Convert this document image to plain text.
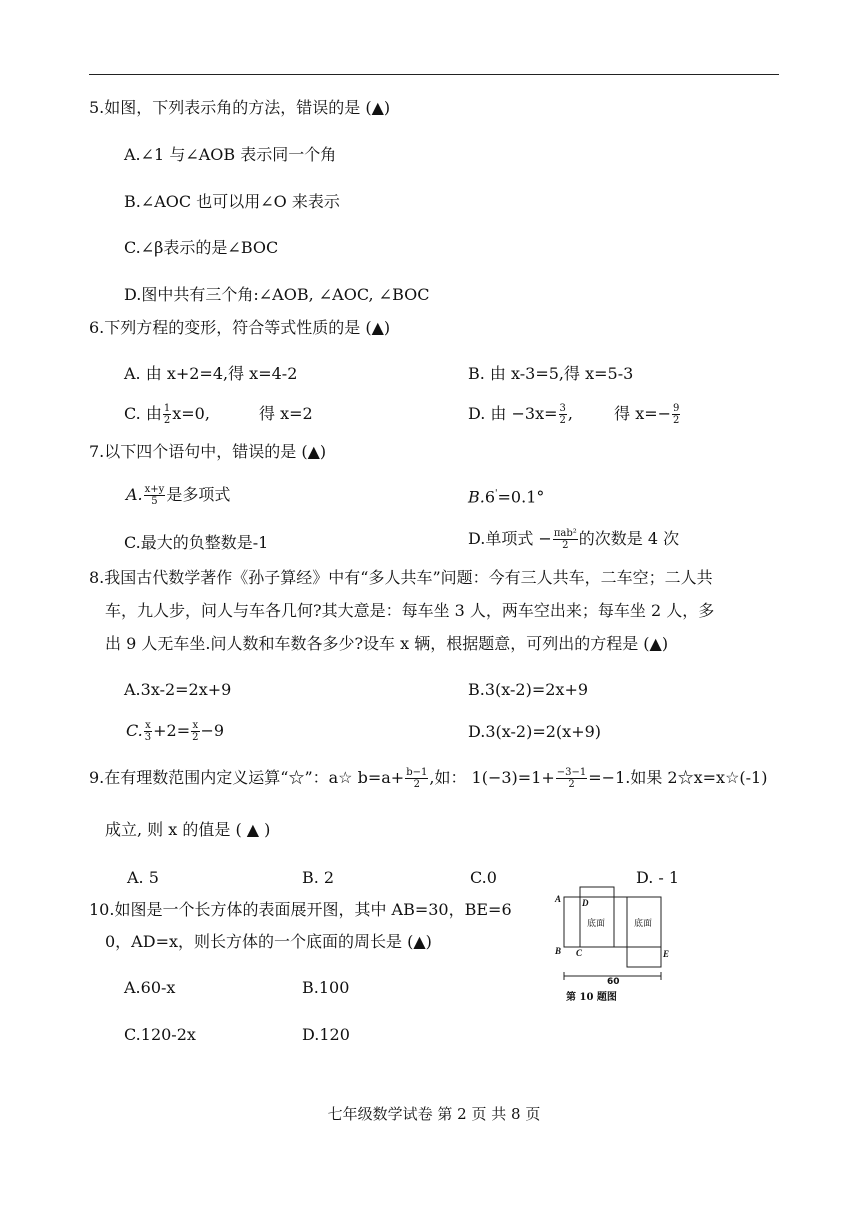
5.如图，下列表示角的方法，错误的是 (▲)
A.∠1 与∠AOB 表示同一个角
B.∠AOC 也可以用∠O 来表示
C.∠β表示的是∠BOC
D.图中共有三个角:∠AOB, ∠AOC, ∠BOC
6.下列方程的变形，符合等式性质的是 (▲)
A. 由 x+2=4,得 x=4-2	B. 由 x-3=5,得 x=5-3
C. 由 $\frac{1}{2} x=0$,	得 x=2	D. 由 $-3x= \frac{3}{2}$ ,	得 $x=- \frac{9}{2}$
7.以下四个语句中，错误的是 (▲)
A. $\frac{x+y}{5}$ 是多项式	B.6'=0.1°
C.最大的负整数是-1	D.单项式 − $\frac{\text{πab²}}{2}$ 的次数是 4 次
8.我国古代数学著作《孙子算经》中有“多人共车”问题：今有三人共车，二车空；二人共
车，九人步，问人与车各几何?其大意是：每车坐 3 人，两车空出来；每车坐 2 人，多
出 9 人无车坐.问人数和车数各多少?设车 x 辆，根据题意，可列出的方程是 (▲)
A.3x-2=2x+9	B.3(x-2)=2x+9
C. $\frac{x}{3} +2= \frac{x}{2} -9$	D.3(x-2)=2(x+9)
9.在有理数范围内定义运算“☆”：a☆ $b=a+ \frac{b-1}{2}$ ,如： $1(-3)=1+ \frac{-3-1}{2} =-1$.如果 2☆x=x☆(-1)
成立, 则 x 的值是 ( ▲ )
A. 5	B. 2	C.0	D. - 1
10.如图是一个长方体的表面展开图，其中 AB=30，BE=6
0，AD=x，则长方体的一个底面的周长是 (▲)
A.60-x	B.100
C.120-2x	D.120
A
B C
D
E
底面	底面
60
第 10 题图
七年级数学试卷 第 2 页 共 8 页
